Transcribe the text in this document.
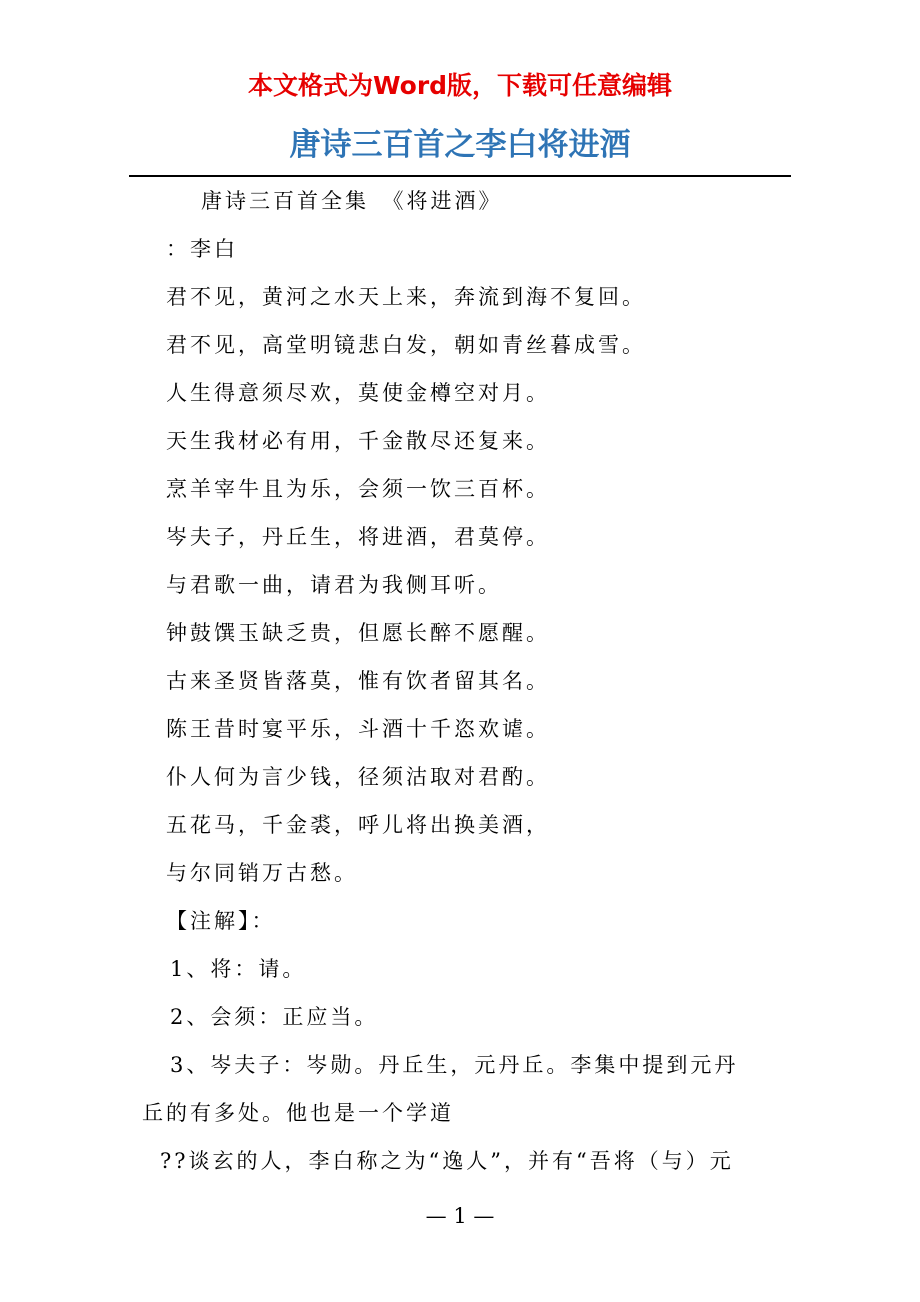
本文格式为Word版，下载可任意编辑
唐诗三百首之李白将进酒
唐诗三百首全集　《将进酒》
：李白
君不见，黄河之水天上来，奔流到海不复回。
君不见，高堂明镜悲白发，朝如青丝暮成雪。
人生得意须尽欢，莫使金樽空对月。
天生我材必有用，千金散尽还复来。
烹羊宰牛且为乐，会须一饮三百杯。
岑夫子，丹丘生，将进酒，君莫停。
与君歌一曲，请君为我侧耳听。
钟鼓馔玉缺乏贵，但愿长醉不愿醒。
古来圣贤皆落莫，惟有饮者留其名。
陈王昔时宴平乐，斗酒十千恣欢谑。
仆人何为言少钱，径须沽取对君酌。
五花马，千金裘，呼儿将出换美酒，
与尔同销万古愁。
【注解】：
1、将：请。
2、会须：正应当。
3、岑夫子：岑勋。丹丘生，元丹丘。李集中提到元丹
丘的有多处。他也是一个学道
??谈玄的人，李白称之为“逸人”，并有“吾将（与）元
— 1 —
